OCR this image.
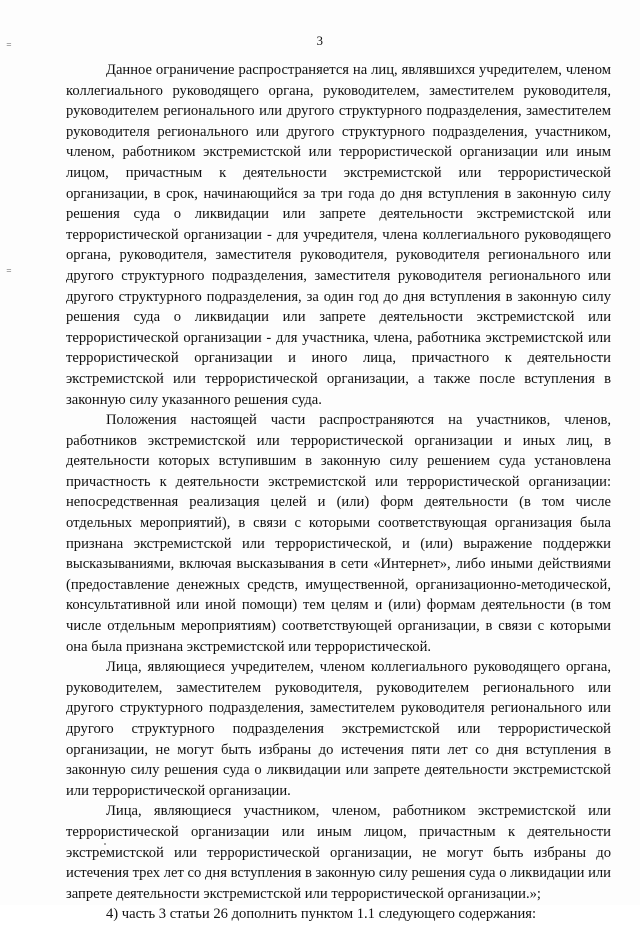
3
⁼
⁼

Данное ограничение распространяется на лиц, являвшихся учредителем, членом коллегиального руководящего органа, руководителем, заместителем руководителя, руководителем регионального или другого структурного подразделения, заместителем руководителя регионального или другого структурного подразделения, участником, членом, работником экстремистской или террористической организации или иным лицом, причастным к деятельности экстремистской или террористической организации, в срок, начинающийся за три года до дня вступления в законную силу решения суда о ликвидации или запрете деятельности экстремистской или террористической организации - для учредителя, члена коллегиального руководящего органа, руководителя, заместителя руководителя, руководителя регионального или другого структурного подразделения, заместителя руководителя регионального или другого структурного подразделения, за один год до дня вступления в законную силу решения суда о ликвидации или запрете деятельности экстремистской или террористической организации - для участника, члена, работника экстремистской или террористической организации и иного лица, причастного к деятельности экстремистской или террористической организации, а также после вступления в законную силу указанного решения суда.

Положения настоящей части распространяются на участников, членов, работников экстремистской или террористической организации и иных лиц, в деятельности которых вступившим в законную силу решением суда установлена причастность к деятельности экстремистской или террористической организации: непосредственная реализация целей и (или) форм деятельности (в том числе отдельных мероприятий), в связи с которыми соответствующая организация была признана экстремистской или террористической, и (или) выражение поддержки высказываниями, включая высказывания в сети «Интернет», либо иными действиями (предоставление денежных средств, имущественной, организационно-методической, консультативной или иной помощи) тем целям и (или) формам деятельности (в том числе отдельным мероприятиям) соответствующей организации, в связи с которыми она была признана экстремистской или террористической.

Лица, являющиеся учредителем, членом коллегиального руководящего органа, руководителем, заместителем руководителя, руководителем регионального или другого структурного подразделения, заместителем руководителя регионального или другого структурного подразделения экстремистской или террористической организации, не могут быть избраны до истечения пяти лет со дня вступления в законную силу решения суда о ликвидации или запрете деятельности экстремистской или террористической организации.

Лица, являющиеся участником, членом, работником экстремистской или террористической организации или иным лицом, причастным к деятельности экстремистской или террористической организации, не могут быть избраны до истечения трех лет со дня вступления в законную силу решения суда о ликвидации или запрете деятельности экстремистской или террористической организации.»;

4) часть 3 статьи 26 дополнить пунктом 1.1 следующего содержания:
